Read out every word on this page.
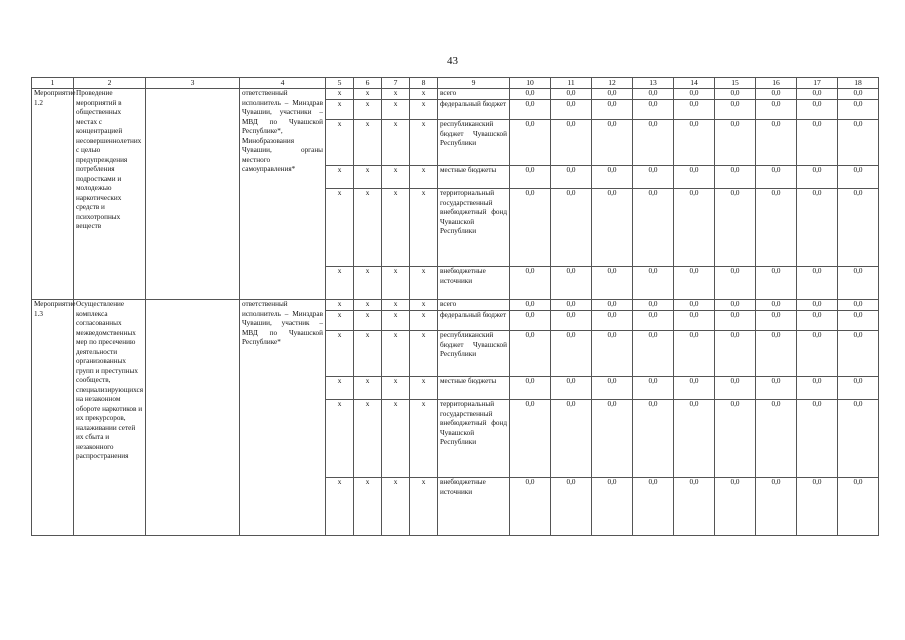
43
1	2	3	4	5	6	7	8	9	10	11	12	13	14	15	16	17	18
Мероприятие 1.2	Проведение мероприятий в общественных местах с концентрацией несовершеннолетних с целью предупреждения потребления подростками и молодежью наркотических средств и психотропных веществ		ответственный исполнитель – Минздрав Чувашии, участники – МВД по Чувашской Республике*, Минобразования Чувашии, органы местного самоуправления*	х	х	х	х	всего	0,0	0,0	0,0	0,0	0,0	0,0	0,0	0,0	0,0
				х	х	х	х	федеральный бюджет	0,0	0,0	0,0	0,0	0,0	0,0	0,0	0,0	0,0
				х	х	х	х	республиканский бюджет Чувашской Республики	0,0	0,0	0,0	0,0	0,0	0,0	0,0	0,0	0,0
				х	х	х	х	местные бюджеты	0,0	0,0	0,0	0,0	0,0	0,0	0,0	0,0	0,0
				х	х	х	х	территориальный государственный внебюджетный фонд Чувашской Республики	0,0	0,0	0,0	0,0	0,0	0,0	0,0	0,0	0,0
				х	х	х	х	внебюджетные источники	0,0	0,0	0,0	0,0	0,0	0,0	0,0	0,0	0,0
Мероприятие 1.3	Осуществление комплекса согласованных межведомственных мер по пресечению деятельности организованных групп и преступных сообществ, специализирующихся на незаконном обороте наркотиков и их прекурсоров, налаживании сетей их сбыта и незаконного распространения		ответственный исполнитель – Минздрав Чувашии, участник – МВД по Чувашской Республике*	х	х	х	х	всего	0,0	0,0	0,0	0,0	0,0	0,0	0,0	0,0	0,0
				х	х	х	х	федеральный бюджет	0,0	0,0	0,0	0,0	0,0	0,0	0,0	0,0	0,0
				х	х	х	х	республиканский бюджет Чувашской Республики	0,0	0,0	0,0	0,0	0,0	0,0	0,0	0,0	0,0
				х	х	х	х	местные бюджеты	0,0	0,0	0,0	0,0	0,0	0,0	0,0	0,0	0,0
				х	х	х	х	территориальный государственный внебюджетный фонд Чувашской Республики	0,0	0,0	0,0	0,0	0,0	0,0	0,0	0,0	0,0
				х	х	х	х	внебюджетные источники	0,0	0,0	0,0	0,0	0,0	0,0	0,0	0,0	0,0
